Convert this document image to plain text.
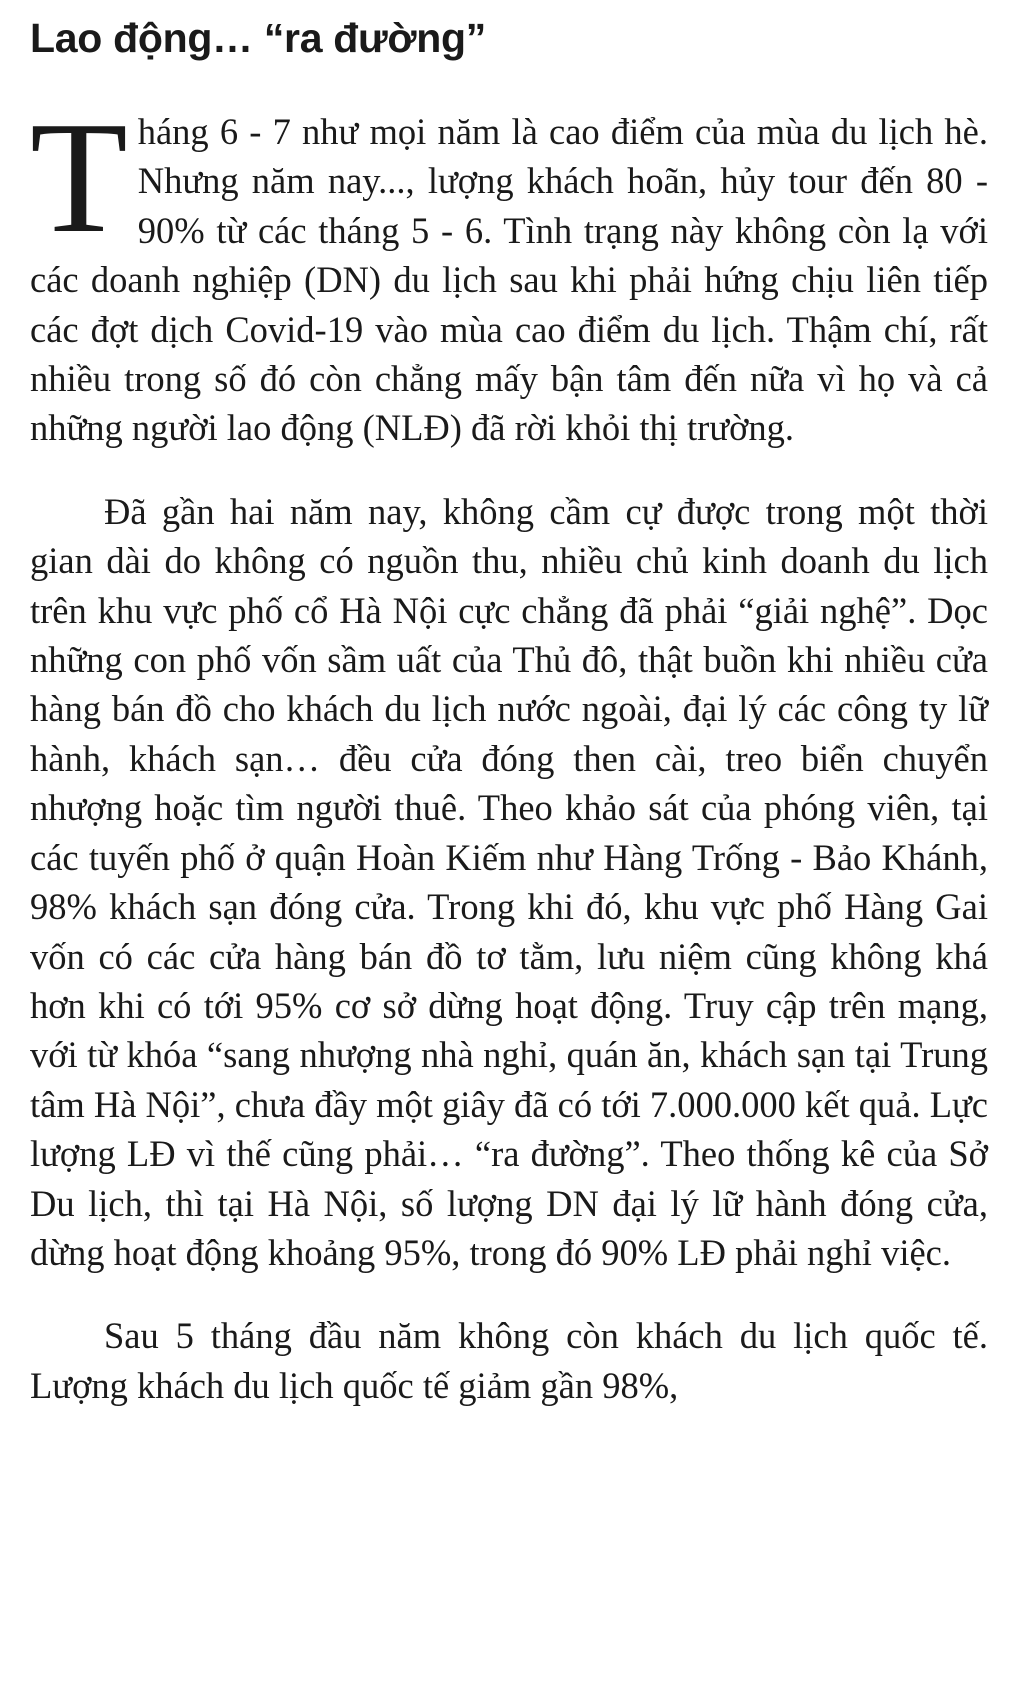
Lao động… “ra đường”

Tháng 6 - 7 như mọi năm là cao điểm của mùa du lịch hè. Nhưng năm nay..., lượng khách hoãn, hủy tour đến 80 - 90% từ các tháng 5 - 6. Tình trạng này không còn lạ với các doanh nghiệp (DN) du lịch sau khi phải hứng chịu liên tiếp các đợt dịch Covid-19 vào mùa cao điểm du lịch. Thậm chí, rất nhiều trong số đó còn chẳng mấy bận tâm đến nữa vì họ và cả những người lao động (NLĐ) đã rời khỏi thị trường.

Đã gần hai năm nay, không cầm cự được trong một thời gian dài do không có nguồn thu, nhiều chủ kinh doanh du lịch trên khu vực phố cổ Hà Nội cực chẳng đã phải “giải nghệ”. Dọc những con phố vốn sầm uất của Thủ đô, thật buồn khi nhiều cửa hàng bán đồ cho khách du lịch nước ngoài, đại lý các công ty lữ hành, khách sạn… đều cửa đóng then cài, treo biển chuyển nhượng hoặc tìm người thuê. Theo khảo sát của phóng viên, tại các tuyến phố ở quận Hoàn Kiếm như Hàng Trống - Bảo Khánh, 98% khách sạn đóng cửa. Trong khi đó, khu vực phố Hàng Gai vốn có các cửa hàng bán đồ tơ tằm, lưu niệm cũng không khá hơn khi có tới 95% cơ sở dừng hoạt động. Truy cập trên mạng, với từ khóa “sang nhượng nhà nghỉ, quán ăn, khách sạn tại Trung tâm Hà Nội”, chưa đầy một giây đã có tới 7.000.000 kết quả. Lực lượng LĐ vì thế cũng phải… “ra đường”. Theo thống kê của Sở Du lịch, thì tại Hà Nội, số lượng DN đại lý lữ hành đóng cửa, dừng hoạt động khoảng 95%, trong đó 90% LĐ phải nghỉ việc.

Sau 5 tháng đầu năm không còn khách du lịch quốc tế. Lượng khách du lịch quốc tế giảm gần 98%,
